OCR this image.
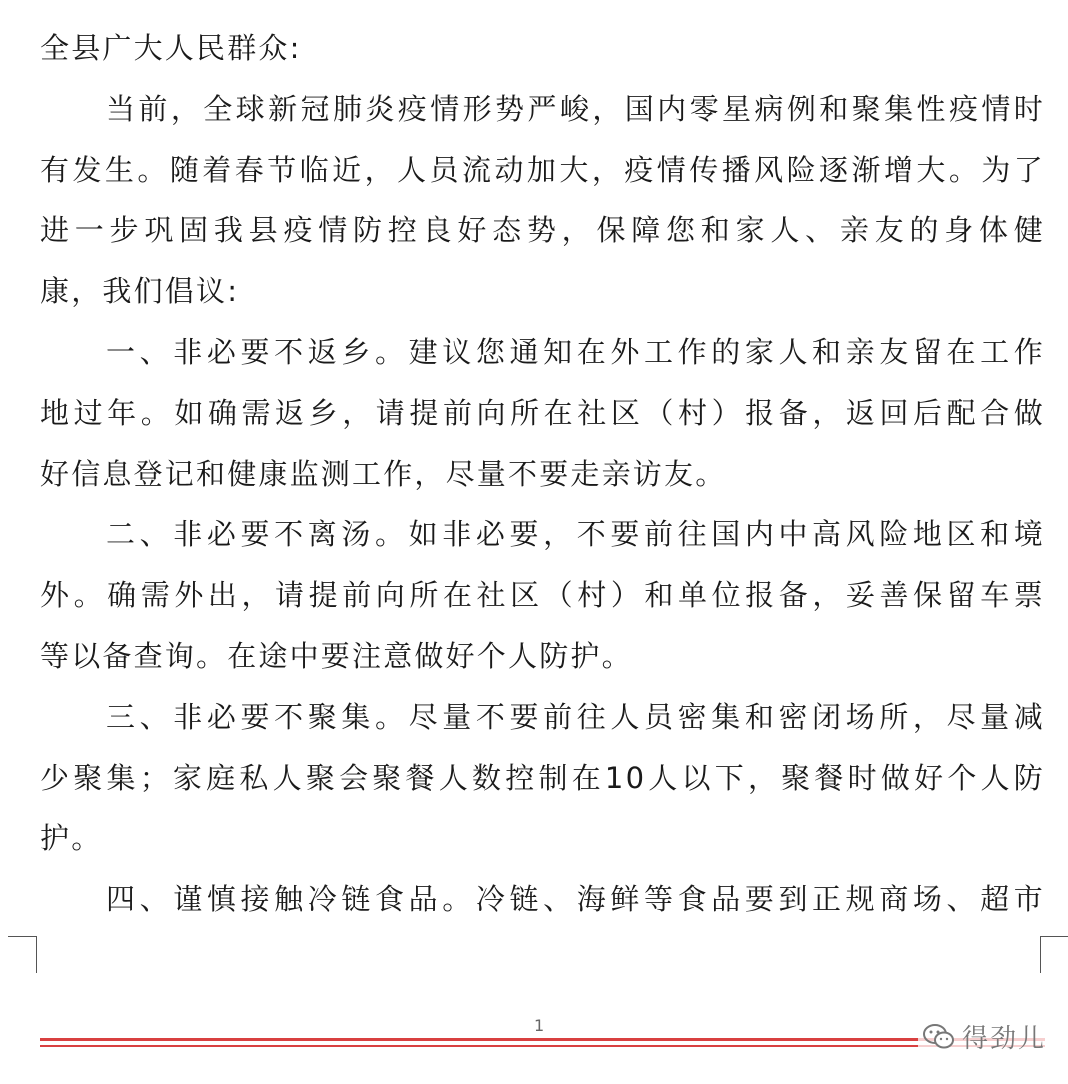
全县广大人民群众:

当前，全球新冠肺炎疫情形势严峻，国内零星病例和聚集性疫情时

有发生。随着春节临近，人员流动加大，疫情传播风险逐渐增大。为了

进一步巩固我县疫情防控良好态势，保障您和家人、亲友的身体健

康，我们倡议:

一、非必要不返乡。建议您通知在外工作的家人和亲友留在工作

地过年。如确需返乡，请提前向所在社区（村）报备，返回后配合做

好信息登记和健康监测工作，尽量不要走亲访友。

二、非必要不离汤。如非必要，不要前往国内中高风险地区和境

外。确需外出，请提前向所在社区（村）和单位报备，妥善保留车票

等以备查询。在途中要注意做好个人防护。

三、非必要不聚集。尽量不要前往人员密集和密闭场所，尽量减

少聚集；家庭私人聚会聚餐人数控制在10人以下，聚餐时做好个人防

护。

四、谨慎接触冷链食品。冷链、海鲜等食品要到正规商场、超市

1	得劲儿
